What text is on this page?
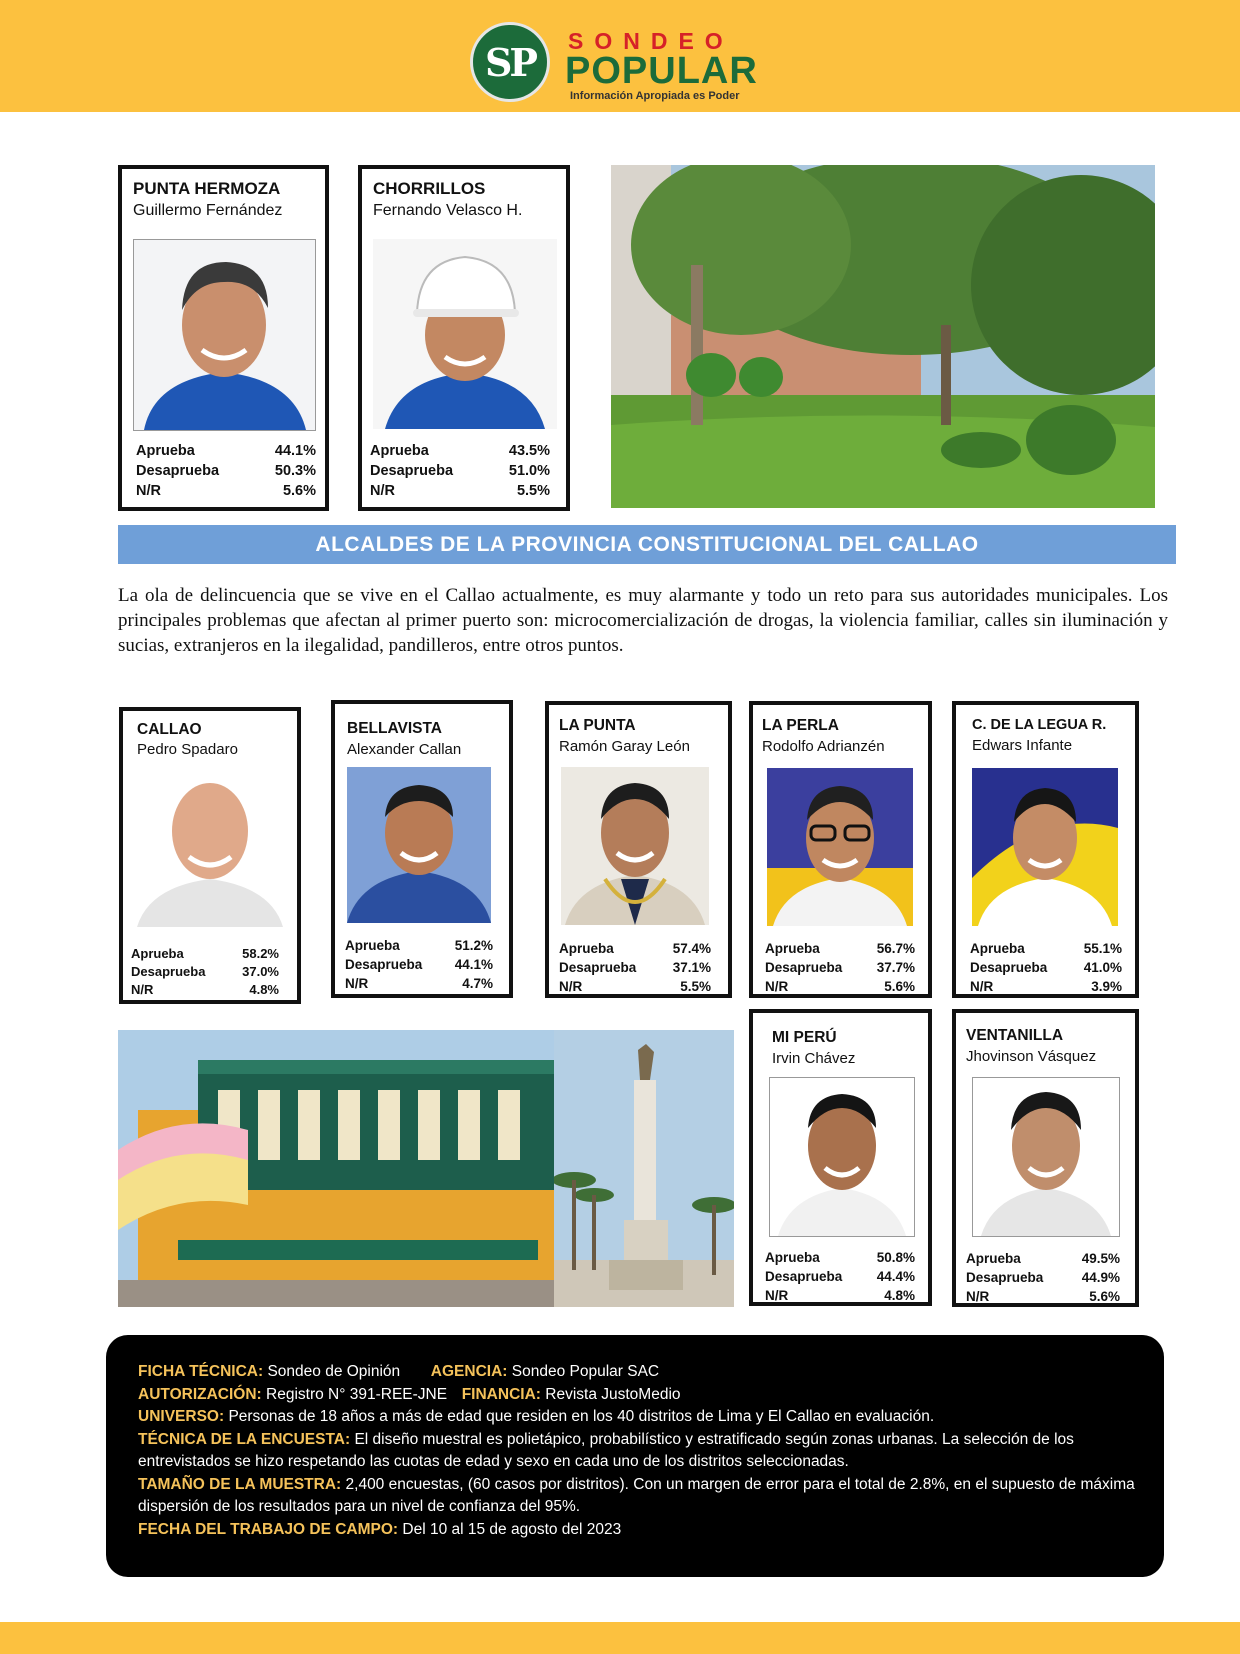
SP SONDEO
POPULAR
Información Apropiada es Poder
PUNTA HERMOZA
Guillermo Fernández
Aprueba	44.1%
Desaprueba	50.3%
N/R	5.6%
CHORRILLOS
Fernando Velasco H.
Aprueba	43.5%
Desaprueba	51.0%
N/R	5.5%
ALCALDES DE LA PROVINCIA CONSTITUCIONAL DEL CALLAO
La ola de delincuencia que se vive en el Callao actualmente, es muy alarmante y todo un reto para sus autoridades municipales. Los principales problemas que afectan al primer puerto son: microcomercialización de drogas, la violencia familiar, calles sin iluminación y sucias, extranjeros en la ilegalidad, pandilleros, entre otros puntos.
CALLAO
Pedro Spadaro
Aprueba	58.2%
Desaprueba	37.0%
N/R	4.8%
BELLAVISTA
Alexander Callan
Aprueba	51.2%
Desaprueba 44.1%
N/R	4.7%
LA PUNTA
Ramón Garay León
Aprueba	57.4%
Desaprueba	37.1%
N/R	5.5%
LA PERLA
Rodolfo Adrianzén
Aprueba	56.7%
Desaprueba	37.7%
N/R	5.6%
C. DE LA LEGUA R.
Edwars Infante
Aprueba	55.1%
Desaprueba	41.0%
N/R	3.9%
MI PERÚ
Irvin Chávez
Aprueba	50.8%
Desaprueba	44.4%
N/R	4.8%
VENTANILLA
Jhovinson Vásquez
Aprueba	49.5%
Desaprueba	44.9%
N/R	5.6%
FICHA TÉCNICA: Sondeo de Opinión AGENCIA: Sondeo Popular SAC
AUTORIZACIÓN: Registro N° 391-REE-JNE FINANCIA: Revista JustoMedio
UNIVERSO: Personas de 18 años a más de edad que residen en los 40 distritos de Lima y El Callao en evaluación.
TÉCNICA DE LA ENCUESTA: El diseño muestral es polietápico, probabilístico y estratificado según zonas urbanas. La selección de los entrevistados se hizo respetando las cuotas de edad y sexo en cada uno de los distritos seleccionadas.
TAMAÑO DE LA MUESTRA: 2,400 encuestas, (60 casos por distritos). Con un margen de error para el total de 2.8%, en el supuesto de máxima dispersión de los resultados para un nivel de confianza del 95%.
FECHA DEL TRABAJO DE CAMPO: Del 10 al 15 de agosto del 2023
